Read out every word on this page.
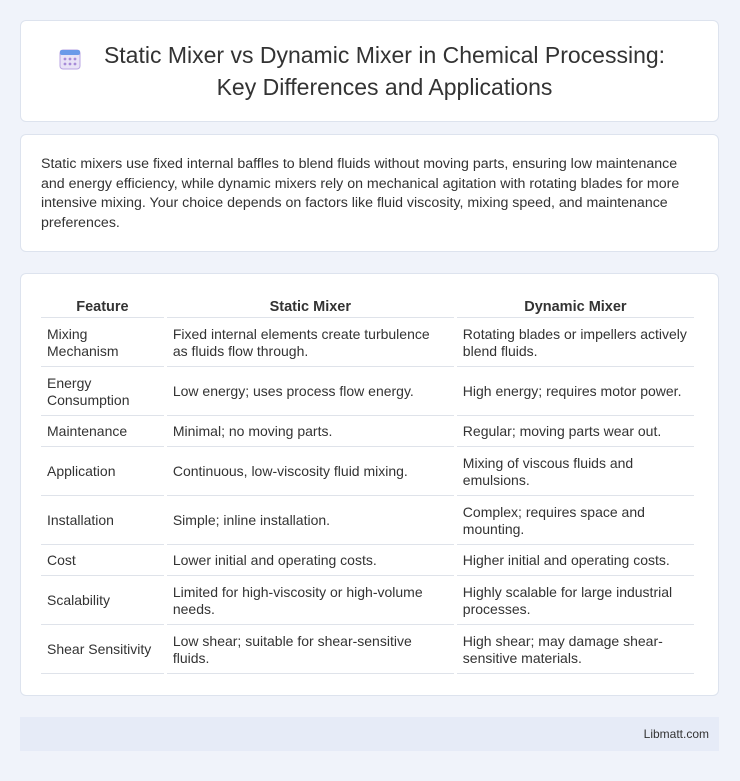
Static Mixer vs Dynamic Mixer in Chemical Processing: Key Differences and Applications

Static mixers use fixed internal baffles to blend fluids without moving parts, ensuring low maintenance and energy efficiency, while dynamic mixers rely on mechanical agitation with rotating blades for more intensive mixing. Your choice depends on factors like fluid viscosity, mixing speed, and maintenance preferences.

Feature	Static Mixer	Dynamic Mixer
Mixing Mechanism	Fixed internal elements create turbulence as fluids flow through.	Rotating blades or impellers actively blend fluids.
Energy Consumption	Low energy; uses process flow energy.	High energy; requires motor power.
Maintenance	Minimal; no moving parts.	Regular; moving parts wear out.
Application	Continuous, low-viscosity fluid mixing.	Mixing of viscous fluids and emulsions.
Installation	Simple; inline installation.	Complex; requires space and mounting.
Cost	Lower initial and operating costs.	Higher initial and operating costs.
Scalability	Limited for high-viscosity or high-volume needs.	Highly scalable for large industrial processes.
Shear Sensitivity	Low shear; suitable for shear-sensitive fluids.	High shear; may damage shear-sensitive materials.
Libmatt.com
